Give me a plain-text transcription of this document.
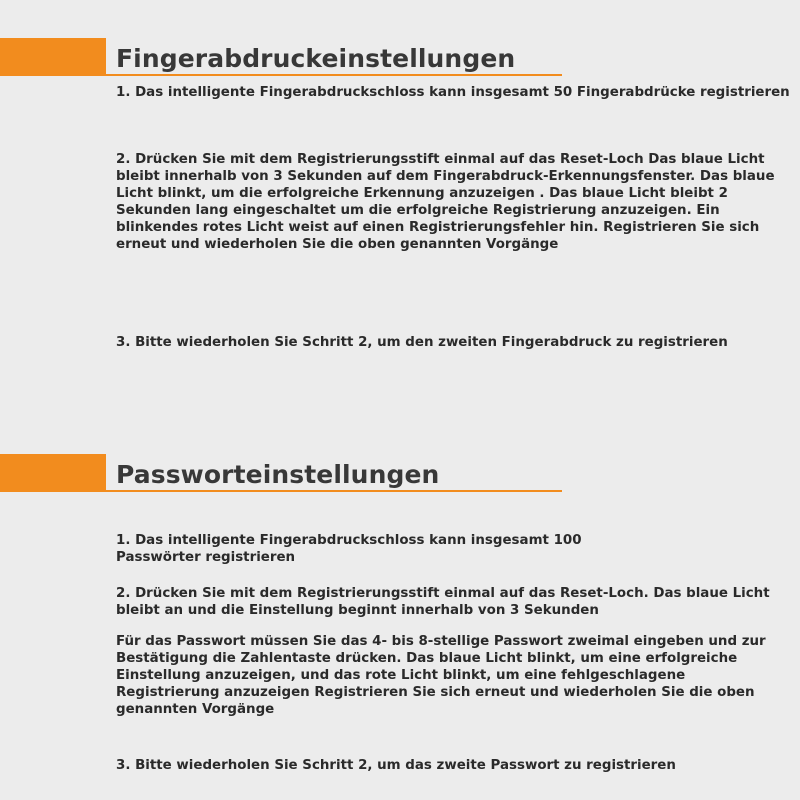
Fingerabdruckeinstellungen

1. Das intelligente Fingerabdruckschloss kann insgesamt 50 Fingerabdrücke registrieren

2. Drücken Sie mit dem Registrierungsstift einmal auf das Reset-Loch Das blaue Licht bleibt innerhalb von 3 Sekunden auf dem Fingerabdruck-Erkennungsfenster. Das blaue Licht blinkt, um die erfolgreiche Erkennung anzuzeigen . Das blaue Licht bleibt 2 Sekunden lang eingeschaltet um die erfolgreiche Registrierung anzuzeigen. Ein blinkendes rotes Licht weist auf einen Registrierungsfehler hin. Registrieren Sie sich erneut und wiederholen Sie die oben genannten Vorgänge

3. Bitte wiederholen Sie Schritt 2, um den zweiten Fingerabdruck zu registrieren

Passworteinstellungen

1. Das intelligente Fingerabdruckschloss kann insgesamt 100 Passwörter registrieren

2. Drücken Sie mit dem Registrierungsstift einmal auf das Reset-Loch. Das blaue Licht bleibt an und die Einstellung beginnt innerhalb von 3 Sekunden

Für das Passwort müssen Sie das 4- bis 8-stellige Passwort zweimal eingeben und zur Bestätigung die Zahlentaste drücken. Das blaue Licht blinkt, um eine erfolgreiche Einstellung anzuzeigen, und das rote Licht blinkt, um eine fehlgeschlagene Registrierung anzuzeigen Registrieren Sie sich erneut und wiederholen Sie die oben genannten Vorgänge

3. Bitte wiederholen Sie Schritt 2, um das zweite Passwort zu registrieren
